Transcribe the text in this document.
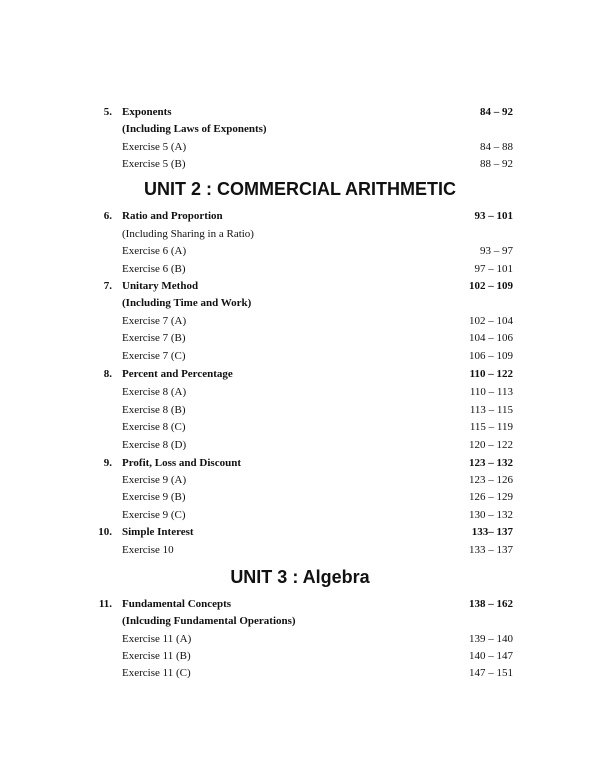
5. Exponents	84 – 92
(Including Laws of Exponents)
Exercise 5 (A)	84 – 88
Exercise 5 (B)	88 – 92
UNIT 2 : COMMERCIAL ARITHMETIC
6. Ratio and Proportion	93 – 101
(Including Sharing in a Ratio)
Exercise 6 (A)	93 – 97
Exercise 6 (B)	97 – 101
7. Unitary Method	102 – 109
(Including Time and Work)
Exercise 7 (A)	102 – 104
Exercise 7 (B)	104 – 106
Exercise 7 (C)	106 – 109
8. Percent and Percentage	110 – 122
Exercise 8 (A)	110 – 113
Exercise 8 (B)	113 – 115
Exercise 8 (C)	115 – 119
Exercise 8 (D)	120 – 122
9. Profit, Loss and Discount	123 – 132
Exercise 9 (A)	123 – 126
Exercise 9 (B)	126 – 129
Exercise 9 (C)	130 – 132
10. Simple Interest	133– 137
Exercise 10	133 – 137
UNIT 3 : Algebra
11. Fundamental Concepts	138 – 162
(Inlcuding Fundamental Operations)
Exercise 11 (A)	139 – 140
Exercise 11 (B)	140 – 147
Exercise 11 (C)	147 – 151
